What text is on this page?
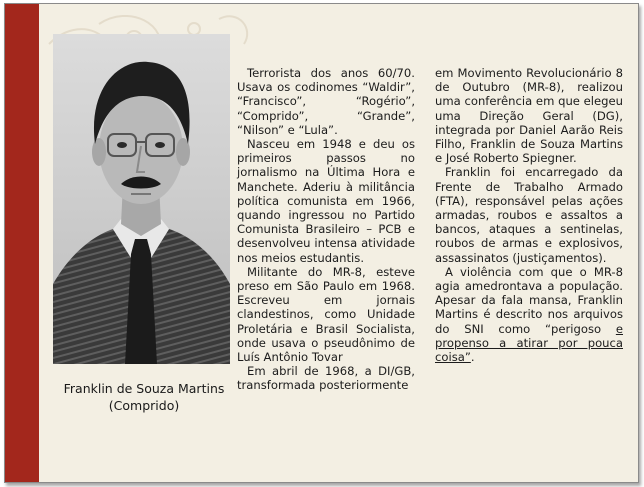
Franklin de Souza Martins
(Comprido)

Terrorista dos anos 60/70. Usava os codinomes “Waldir”, “Francisco”, “Rogério”, “Comprido”, “Grande”, “Nilson” e “Lula”.

Nasceu em 1948 e deu os primeiros passos no jornalismo na Última Hora e Manchete. Aderiu à militância política comunista em 1966, quando ingressou no Partido Comunista Brasileiro – PCB e desenvolveu intensa atividade nos meios estudantis.

Militante do MR-8, esteve preso em São Paulo em 1968. Escreveu em jornais clandestinos, como Unidade Proletária e Brasil Socialista, onde usava o pseudônimo de Luís Antônio Tovar

Em abril de 1968, a DI/GB, transformada posteriormente

em Movimento Revolucionário 8 de Outubro (MR-8), realizou uma conferência em que elegeu uma Direção Geral (DG), integrada por Daniel Aarão Reis Filho, Franklin de Souza Martins e José Roberto Spiegner.

Franklin foi encarregado da Frente de Trabalho Armado (FTA), responsável pelas ações armadas, roubos e assaltos a bancos, ataques a sentinelas, roubos de armas e explosivos, assassinatos (justiçamentos).

A violência com que o MR-8 agia amedrontava a população. Apesar da fala mansa, Franklin Martins é descrito nos arquivos do SNI como “perigoso e propenso a atirar por pouca coisa”.
